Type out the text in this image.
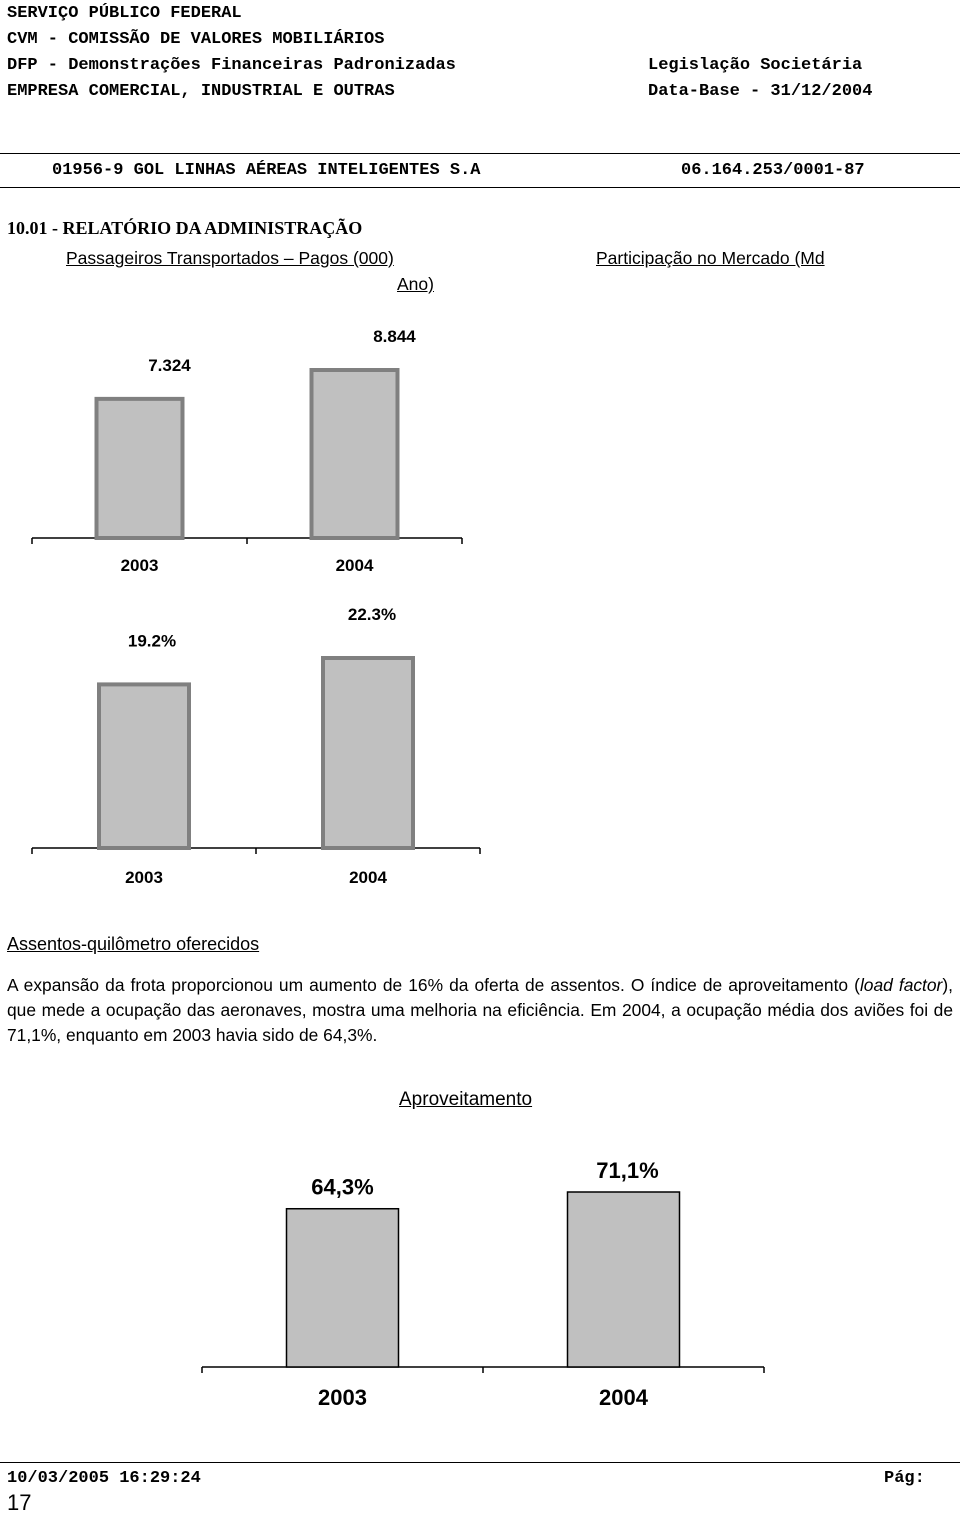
SERVIÇO PÚBLICO FEDERAL
CVM - COMISSÃO DE VALORES MOBILIÁRIOS
DFP - Demonstrações Financeiras Padronizadas	Legislação Societária
EMPRESA COMERCIAL, INDUSTRIAL E OUTRAS	Data-Base - 31/12/2004
01956-9 GOL LINHAS AÉREAS INTELIGENTES S.A	06.164.253/0001-87
10.01 - RELATÓRIO DA ADMINISTRAÇÃO
Passageiros Transportados – Pagos (000)
Ano)
Participação no Mercado (Md
7.324
2003
8.844
2004
19.2%
2003
22.3%
2004
Assentos-quilômetro oferecidos
A expansão da frota proporcionou um aumento de 16% da oferta de assentos. O índice de aproveitamento (load factor), que mede a ocupação das aeronaves, mostra uma melhoria na eficiência. Em 2004, a ocupação média dos aviões foi de 71,1%, enquanto em 2003 havia sido de 64,3%.
Aproveitamento
64,3%
2003
71,1%
2004
10/03/2005 16:29:24	Pág:
17
